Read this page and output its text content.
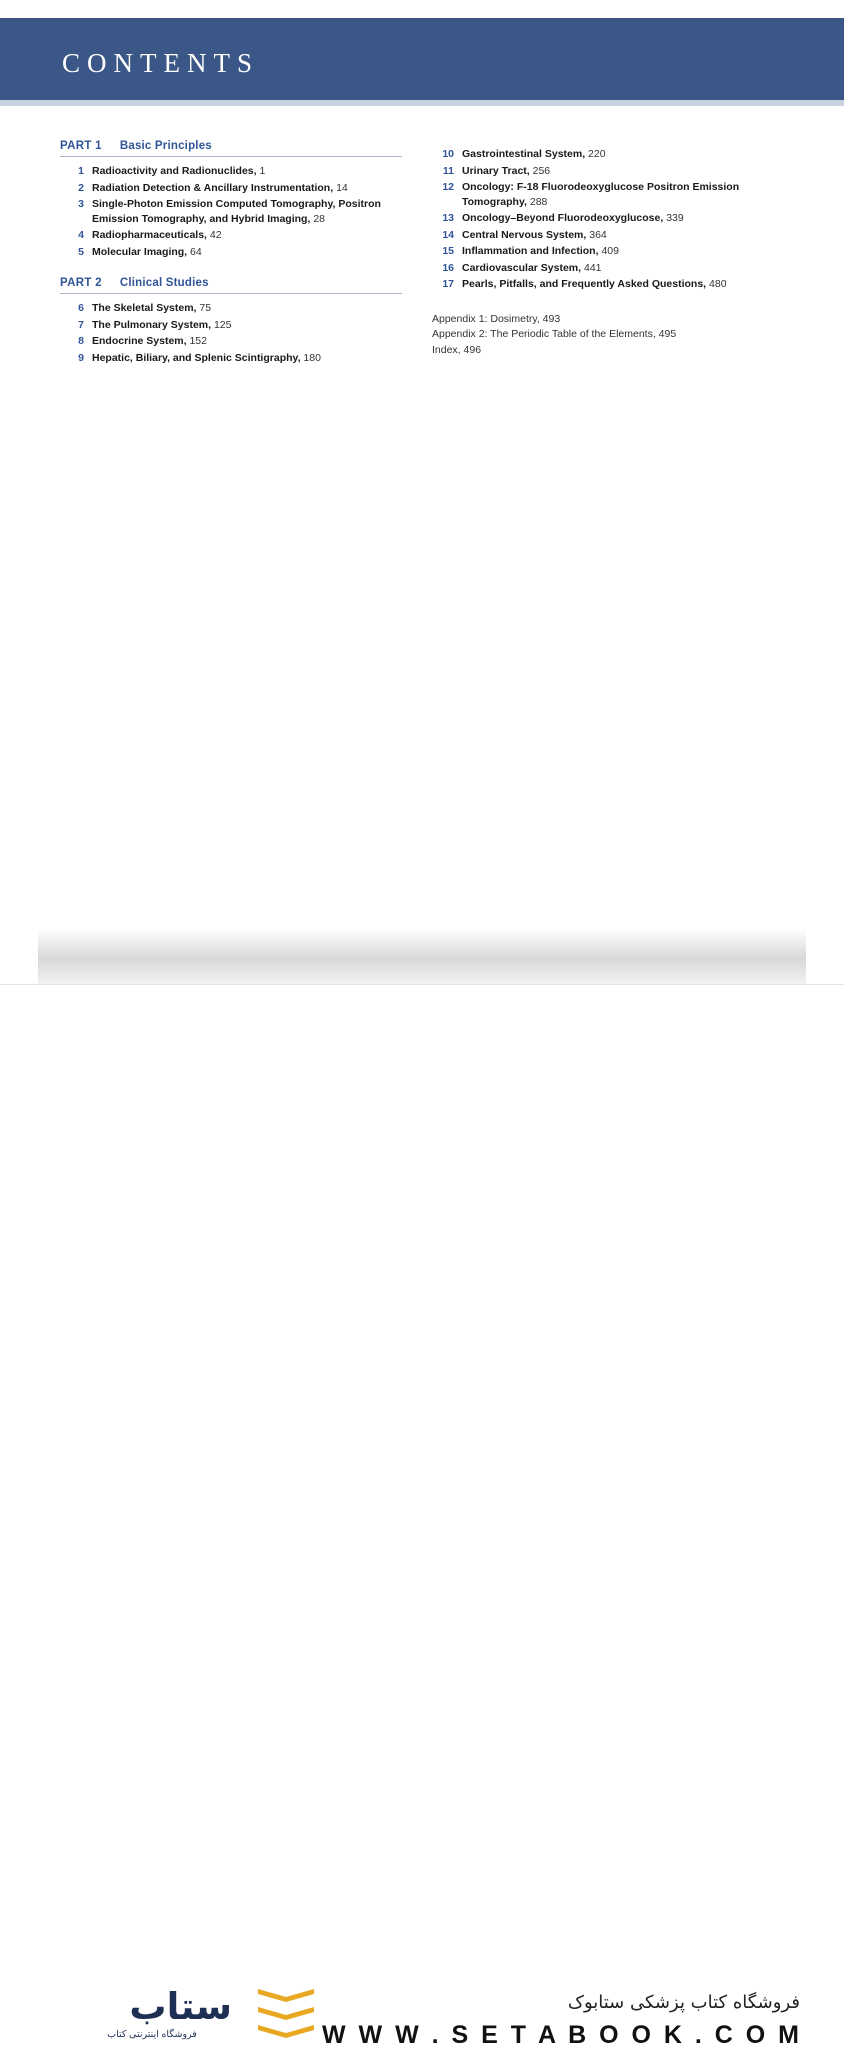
CONTENTS
PART 1 Basic Principles
1 Radioactivity and Radionuclides, 1
2 Radiation Detection & Ancillary Instrumentation, 14
3 Single-Photon Emission Computed Tomography, Positron Emission Tomography, and Hybrid Imaging, 28
4 Radiopharmaceuticals, 42
5 Molecular Imaging, 64
PART 2 Clinical Studies
6 The Skeletal System, 75
7 The Pulmonary System, 125
8 Endocrine System, 152
9 Hepatic, Biliary, and Splenic Scintigraphy, 180
10 Gastrointestinal System, 220
11 Urinary Tract, 256
12 Oncology: F-18 Fluorodeoxyglucose Positron Emission Tomography, 288
13 Oncology–Beyond Fluorodeoxyglucose, 339
14 Central Nervous System, 364
15 Inflammation and Infection, 409
16 Cardiovascular System, 441
17 Pearls, Pitfalls, and Frequently Asked Questions, 480
Appendix 1: Dosimetry, 493
Appendix 2: The Periodic Table of the Elements, 495
Index, 496
ستاب
فروشگاه اینترنتی کتاب
فروشگاه کتاب پزشکی ستابوک
W W W . S E T A B O O K . C O M
